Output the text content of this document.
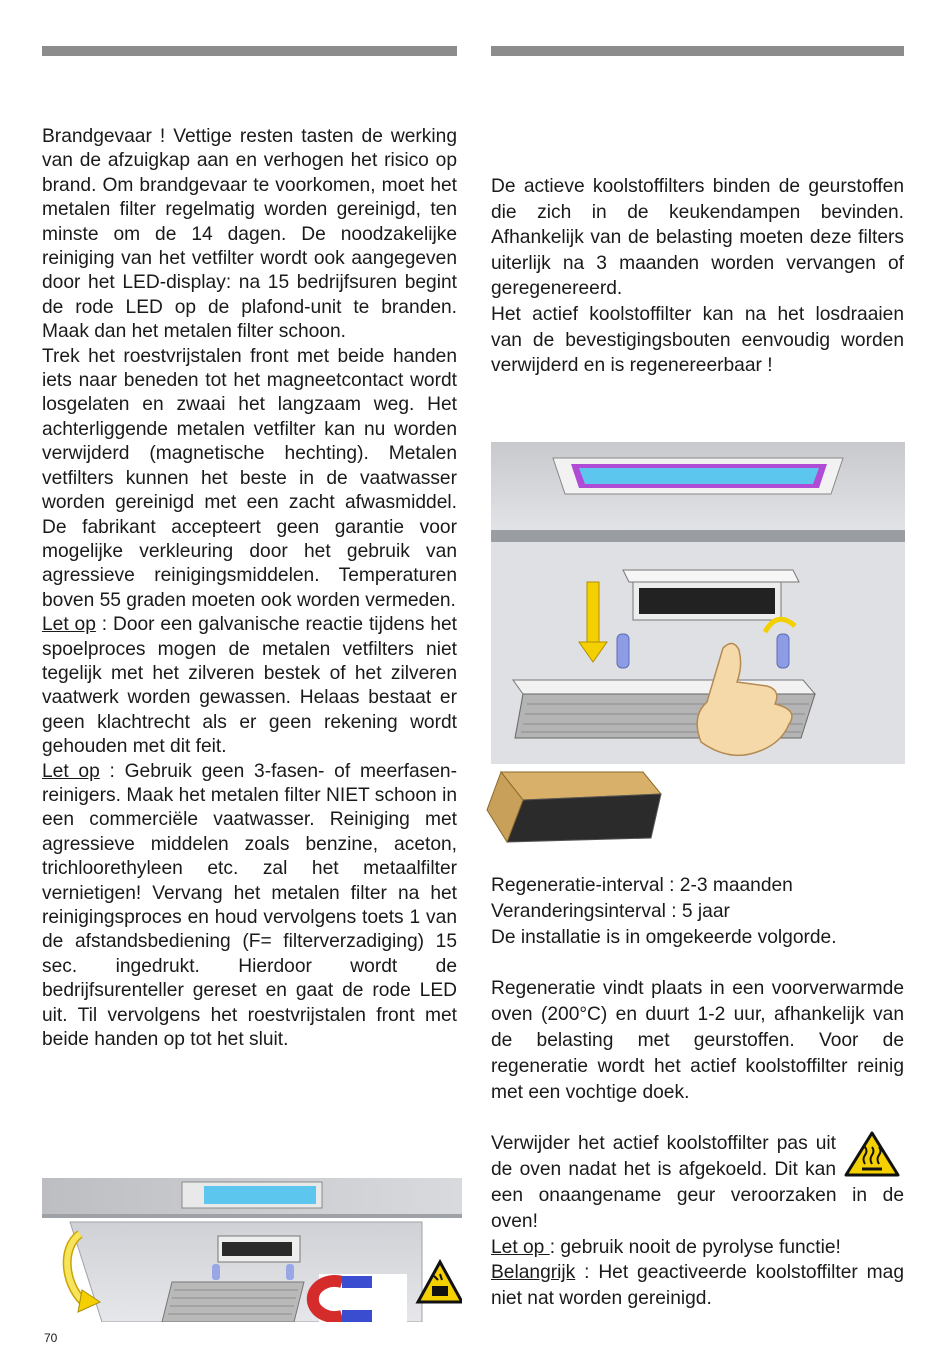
Brandgevaar ! Vettige resten tasten de werking van de afzuigkap aan en verhogen het risico op brand. Om brandgevaar te voorkomen, moet het metalen filter regelmatig worden gereinigd, ten minste om de 14 dagen. De noodzakelijke reiniging van het vetfilter wordt ook aangegeven door het LED-display: na 15 bedrijfsuren begint de rode LED op de plafond-unit te branden. Maak dan het metalen filter schoon.

Trek het roestvrijstalen front met beide handen iets naar beneden tot het magneetcontact wordt losgelaten en zwaai het langzaam weg. Het achterliggende metalen vetfilter kan nu worden verwijderd (magnetische hechting). Metalen vetfilters kunnen het beste in de vaatwasser worden gereinigd met een zacht afwasmiddel. De fabrikant accepteert geen garantie voor mogelijke verkleuring door het gebruik van agressieve reinigingsmiddelen. Temperaturen boven 55 graden moeten ook worden vermeden.

Let op : Door een galvanische reactie tijdens het spoelproces mogen de metalen vetfilters niet tegelijk met het zilveren bestek of het zilveren vaatwerk worden gewassen. Helaas bestaat er geen klachtrecht als er geen rekening wordt gehouden met dit feit.

Let op : Gebruik geen 3-fasen- of meerfasen-reinigers. Maak het metalen filter NIET schoon in een commerciële vaatwasser. Reiniging met agressieve middelen zoals benzine, aceton, trichloorethyleen etc. zal het metaalfilter vernietigen! Vervang het metalen filter na het reinigingsproces en houd vervolgens toets 1 van de afstandsbediening (F= filterverzadiging) 15 sec. ingedrukt. Hierdoor wordt de bedrijfsurenteller gereset en gaat de rode LED uit. Til vervolgens het roestvrijstalen front met beide handen op tot het sluit.

70

De actieve koolstoffilters binden de geurstoffen die zich in de keukendampen bevinden. Afhankelijk van de belasting moeten deze filters uiterlijk na 3 maanden worden vervangen of geregenereerd.

Het actief koolstoffilter kan na het losdraaien van de bevestigingsbouten eenvoudig worden verwijderd en is regenereerbaar !

Regeneratie-interval : 2-3 maanden

Veranderingsinterval : 5 jaar

De installatie is in omgekeerde volgorde.

Regeneratie vindt plaats in een voorverwarmde oven (200°C) en duurt 1-2 uur, afhankelijk van de belasting met geurstoffen. Voor de regeneratie wordt het actief koolstoffilter reinig met een vochtige doek.

Verwijder het actief koolstoffilter pas uit de oven nadat het is afgekoeld. Dit kan een onaangename geur veroorzaken in de oven!

Let op : gebruik nooit de pyrolyse functie!

Belangrijk : Het geactiveerde koolstoffilter mag niet nat worden gereinigd.
